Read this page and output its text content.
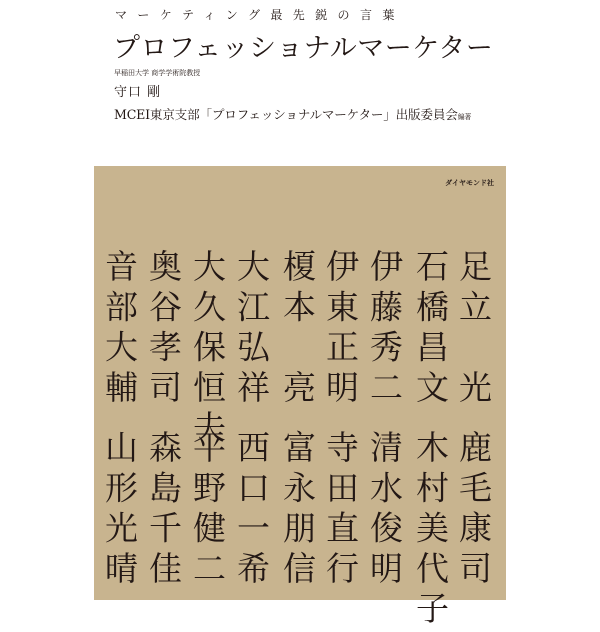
マーケティング最先鋭の言葉
プロフェッショナルマーケター
早稲田大学 商学学術院教授
守口 剛
MCEI東京支部「プロフェッショナルマーケター」出版委員会編著
ダイヤモンド社
足立　光
石橋昌文
伊藤秀二
伊東正明
榎本　亮
大江弘祥
大久保恒夫
奥谷孝司
音部大輔
鹿毛康司
木村美代子
清水俊明
寺田直行
富永朋信
西口一希
平野健二
森島千佳
山形光晴
